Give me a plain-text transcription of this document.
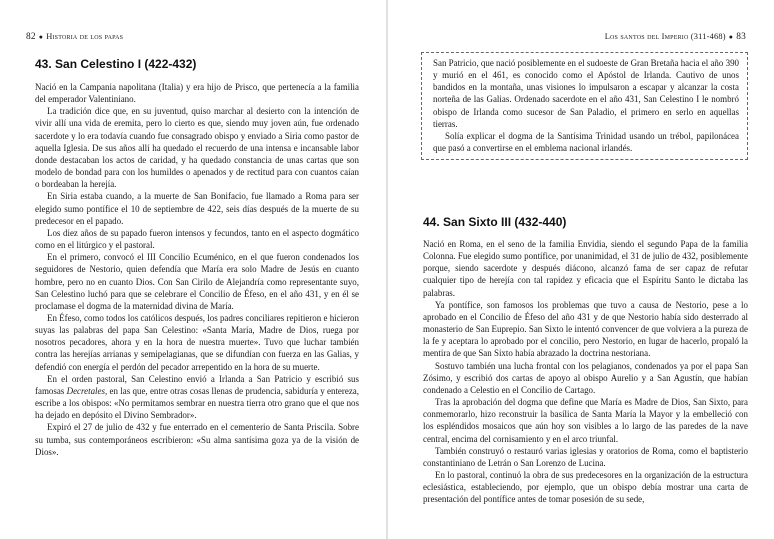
82 ● Historia de los papas
43. San Celestino I (422-432)

Nació en la Campania napolitana (Italia) y era hijo de Prisco, que pertenecía a la familia del emperador Valentiniano.

La tradición dice que, en su juventud, quiso marchar al desierto con la intención de vivir allí una vida de eremita, pero lo cierto es que, siendo muy joven aún, fue ordenado sacerdote y lo era todavía cuando fue consagrado obispo y enviado a Siria como pastor de aquella Iglesia. De sus años allí ha quedado el recuerdo de una intensa e incansable labor donde destacaban los actos de caridad, y ha quedado constancia de unas cartas que son modelo de bondad para con los humildes o apenados y de rectitud para con cuantos caían o bordeaban la herejía.

En Siria estaba cuando, a la muerte de San Bonifacio, fue llamado a Roma para ser elegido sumo pontífice el 10 de septiembre de 422, seis días después de la muerte de su predecesor en el papado.

Los diez años de su papado fueron intensos y fecundos, tanto en el aspecto dogmático como en el litúrgico y el pastoral.

En el primero, convocó el III Concilio Ecuménico, en el que fueron condenados los seguidores de Nestorio, quien defendía que María era solo Madre de Jesús en cuanto hombre, pero no en cuanto Dios. Con San Cirilo de Alejandría como representante suyo, San Celestino luchó para que se celebrare el Concilio de Éfeso, en el año 431, y en él se proclamase el dogma de la maternidad divina de María.

En Éfeso, como todos los católicos después, los padres conciliares repitieron e hicieron suyas las palabras del papa San Celestino: «Santa María, Madre de Dios, ruega por nosotros pecadores, ahora y en la hora de nuestra muerte». Tuvo que luchar también contra las herejías arrianas y semipelagianas, que se difundían con fuerza en las Galias, y defendió con energía el perdón del pecador arrepentido en la hora de su muerte.

En el orden pastoral, San Celestino envió a Irlanda a San Patricio y escribió sus famosas Decretales, en las que, entre otras cosas llenas de prudencia, sabiduría y entereza, escribe a los obispos: «No permitamos sembrar en nuestra tierra otro grano que el que nos ha dejado en depósito el Divino Sembrador».

Expiró el 27 de julio de 432 y fue enterrado en el cementerio de Santa Priscila. Sobre su tumba, sus contemporáneos escribieron: «Su alma santísima goza ya de la visión de Dios».

Los santos del Imperio (311-468) ● 83

San Patricio, que nació posiblemente en el sudoeste de Gran Bretaña hacia el año 390 y murió en el 461, es conocido como el Apóstol de Irlanda. Cautivo de unos bandidos en la montaña, unas visiones lo impulsaron a escapar y alcanzar la costa norteña de las Galias. Ordenado sacerdote en el año 431, San Celestino I le nombró obispo de Irlanda como sucesor de San Paladio, el primero en serlo en aquellas tierras.

Solía explicar el dogma de la Santísima Trinidad usando un trébol, papilonácea que pasó a convertirse en el emblema nacional irlandés.

44. San Sixto III (432-440)

Nació en Roma, en el seno de la familia Envidia, siendo el segundo Papa de la familia Colonna. Fue elegido sumo pontífice, por unanimidad, el 31 de julio de 432, posiblemente porque, siendo sacerdote y después diácono, alcanzó fama de ser capaz de refutar cualquier tipo de herejía con tal rapidez y eficacia que el Espíritu Santo le dictaba las palabras.

Ya pontífice, son famosos los problemas que tuvo a causa de Nestorio, pese a lo aprobado en el Concilio de Éfeso del año 431 y de que Nestorio había sido desterrado al monasterio de San Euprepio. San Sixto le intentó convencer de que volviera a la pureza de la fe y aceptara lo aprobado por el concilio, pero Nestorio, en lugar de hacerlo, propaló la mentira de que San Sixto había abrazado la doctrina nestoriana.

Sostuvo también una lucha frontal con los pelagianos, condenados ya por el papa San Zósimo, y escribió dos cartas de apoyo al obispo Aurelio y a San Agustín, que habían condenado a Celestio en el Concilio de Cartago.

Tras la aprobación del dogma que define que María es Madre de Dios, San Sixto, para conmemorarlo, hizo reconstruir la basílica de Santa María la Mayor y la embelleció con los espléndidos mosaicos que aún hoy son visibles a lo largo de las paredes de la nave central, encima del cornisamiento y en el arco triunfal.

También construyó o restauró varias iglesias y oratorios de Roma, como el baptisterio constantiniano de Letrán o San Lorenzo de Lucina.

En lo pastoral, continuó la obra de sus predecesores en la organización de la estructura eclesiástica, estableciendo, por ejemplo, que un obispo debía mostrar una carta de presentación del pontífice antes de tomar posesión de su sede,
